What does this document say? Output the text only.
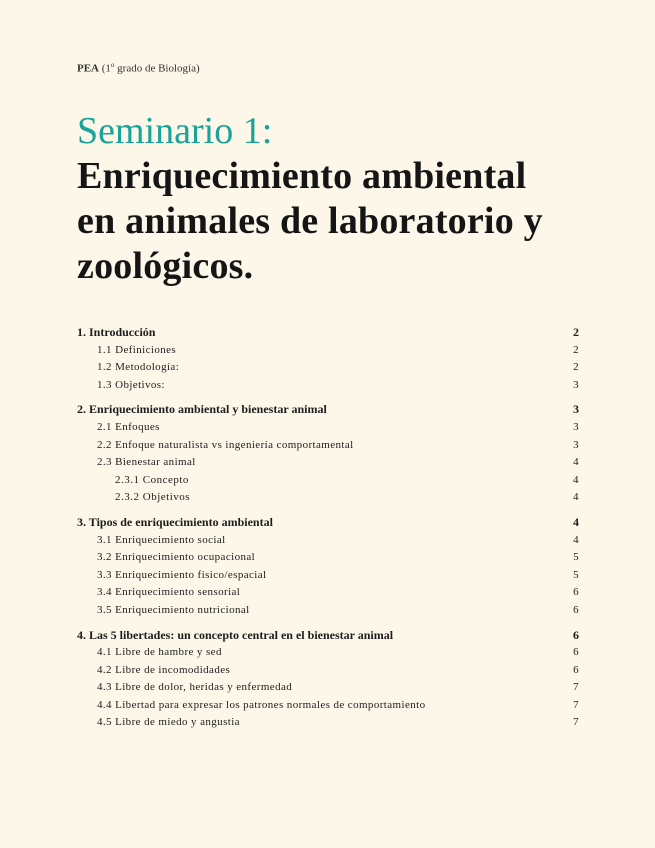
PEA (1$^o$ grado de Biología)
Seminario 1:
Enriquecimiento ambiental
en animales de laboratorio y
zoológicos.
1. Introducción	2
1.1 Definiciones	2
1.2 Metodología:	2
1.3 Objetivos:	3
2. Enriquecimiento ambiental y bienestar animal	3
2.1 Enfoques	3
2.2 Enfoque naturalista vs ingeniería comportamental	3
2.3 Bienestar animal	4
2.3.1 Concepto	4
2.3.2 Objetivos	4
3. Tipos de enriquecimiento ambiental	4
3.1 Enriquecimiento social	4
3.2 Enriquecimiento ocupacional	5
3.3 Enriquecimiento físico/espacial	5
3.4 Enriquecimiento sensorial	6
3.5 Enriquecimiento nutricional	6
4. Las 5 libertades: un concepto central en el bienestar animal	6
4.1 Libre de hambre y sed	6
4.2 Libre de incomodidades	6
4.3 Libre de dolor, heridas y enfermedad	7
4.4 Libertad para expresar los patrones normales de comportamiento	7
4.5 Libre de miedo y angustia	7
